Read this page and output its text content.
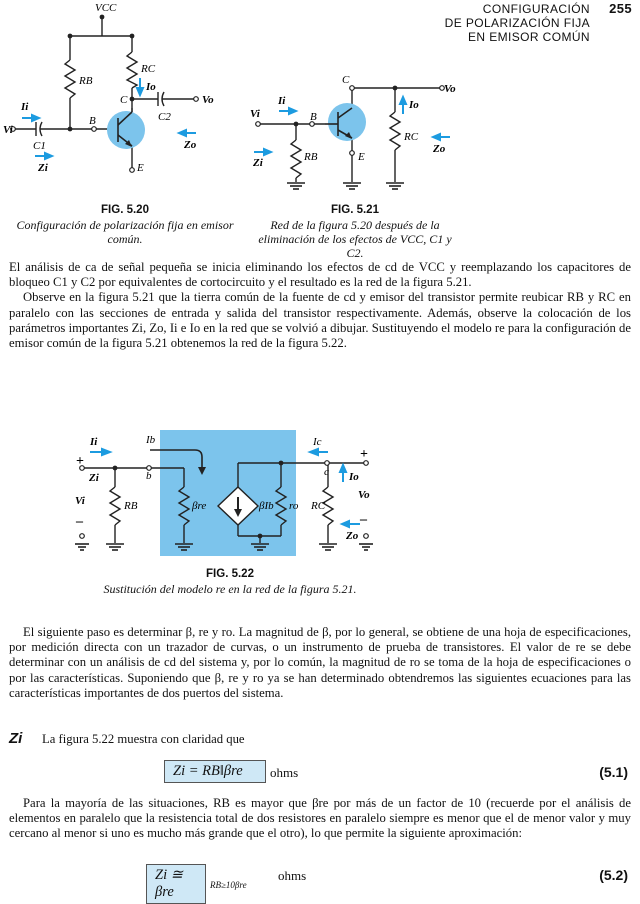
CONFIGURACIÓN
DE POLARIZACIÓN FIJA
EN EMISOR COMÚN
255
VCC
RB
RC
Io
C
C2
Vo
Ii
Vi
B
C1
Zi
Zo
E
FIG. 5.20
Configuración de polarización fija en emisor común.
C
Vo
Ii
Vi	B
Io
RC
Zo
Zi	RB	E
FIG. 5.21
Red de la figura 5.20 después de la eliminación de los efectos de VCC, C1 y C2.

El análisis de ca de señal pequeña se inicia eliminando los efectos de cd de VCC y reemplazando los capacitores de bloqueo C1 y C2 por equivalentes de cortocircuito y el resultado es la red de la figura 5.21.

Observe en la figura 5.21 que la tierra común de la fuente de cd y emisor del transistor permite reubicar RB y RC en paralelo con las secciones de entrada y salida del transistor respectivamente. Además, observe la colocación de los parámetros importantes Zi, Zo, Ii e Io en la red que se volvió a dibujar. Sustituyendo el modelo re para la configuración de emisor común de la figura 5.21 obtenemos la red de la figura 5.22.

Ii	Ib	Ic
+	+
Zi
Vi
b	c
RB	βre	βIb ro RC
Io
Vo
–	–
Zo
FIG. 5.22
Sustitución del modelo re en la red de la figura 5.21.

El siguiente paso es determinar β, re y ro. La magnitud de β, por lo general, se obtiene de una hoja de especificaciones, por medición directa con un trazador de curvas, o un instrumento de prueba de transistores. El valor de re se debe determinar con un análisis de cd del sistema y, por lo común, la magnitud de ro se toma de la hoja de especificaciones o por las características. Suponiendo que β, re y ro ya se han determinado obtendremos las siguientes ecuaciones para las características importantes de dos puertos del sistema.

Zi La figura 5.22 muestra con claridad que
Zi = RB‖βre	ohms	(5.1)

Para la mayoría de las situaciones, RB es mayor que βre por más de un factor de 10 (recuerde por el análisis de elementos en paralelo que la resistencia total de dos resistores en paralelo siempre es menor que el de menor valor y muy cercano al menor si uno es mucho más grande que el otro), lo que permite la siguiente aproximación:

Zi ≅ βre	RB≥10βre
ohms	(5.2)
